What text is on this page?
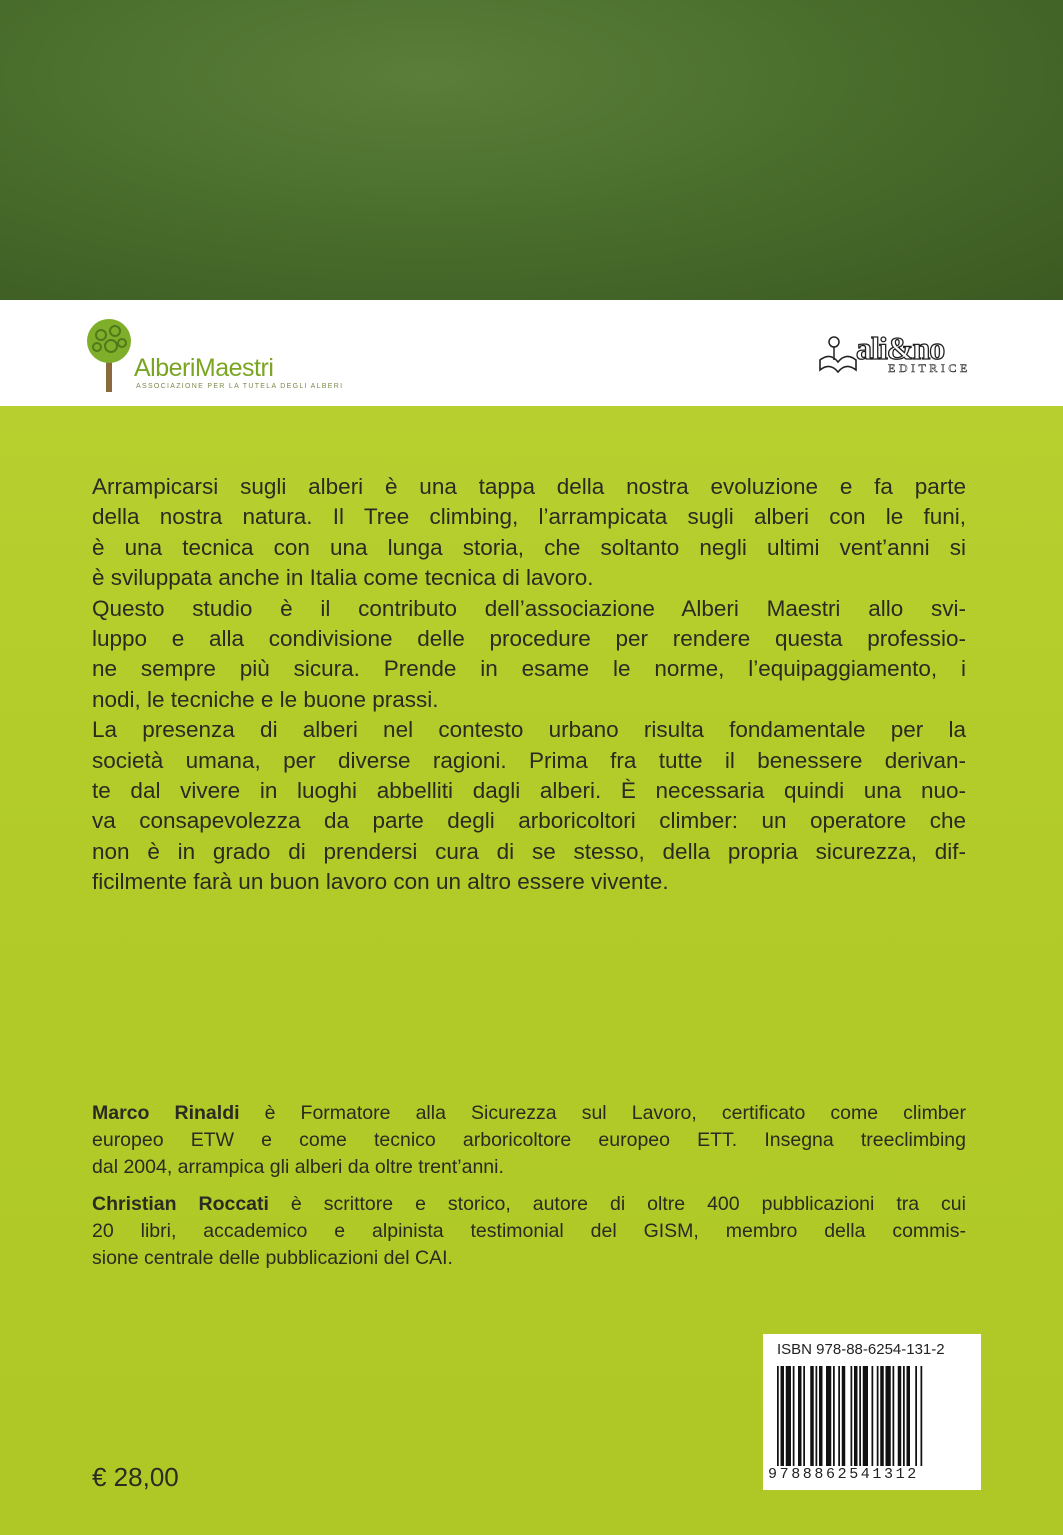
AlberiMaestri
ASSOCIAZIONE PER LA TUTELA DEGLI ALBERI
ali&no
EDITRICE
Arrampicarsi sugli alberi è una tappa della nostra evoluzione e fa parte
della nostra natura. Il Tree climbing, l’arrampicata sugli alberi con le funi,
è una tecnica con una lunga storia, che soltanto negli ultimi vent’anni si
è sviluppata anche in Italia come tecnica di lavoro.
Questo studio è il contributo dell’associazione Alberi Maestri allo svi-
luppo e alla condivisione delle procedure per rendere questa professio-
ne sempre più sicura. Prende in esame le norme, l’equipaggiamento, i
nodi, le tecniche e le buone prassi.
La presenza di alberi nel contesto urbano risulta fondamentale per la
società umana, per diverse ragioni. Prima fra tutte il benessere derivan-
te dal vivere in luoghi abbelliti dagli alberi. È necessaria quindi una nuo-
va consapevolezza da parte degli arboricoltori climber: un operatore che
non è in grado di prendersi cura di se stesso, della propria sicurezza, dif-
ficilmente farà un buon lavoro con un altro essere vivente.
Marco Rinaldi è Formatore alla Sicurezza sul Lavoro, certificato come climber
europeo ETW e come tecnico arboricoltore europeo ETT. Insegna treeclimbing
dal 2004, arrampica gli alberi da oltre trent’anni.
Christian Roccati è scrittore e storico, autore di oltre 400 pubblicazioni tra cui
20 libri, accademico e alpinista testimonial del GISM, membro della commis-
sione centrale delle pubblicazioni del CAI.
ISBN 978-88-6254-131-2
9788862541312
€ 28,00
